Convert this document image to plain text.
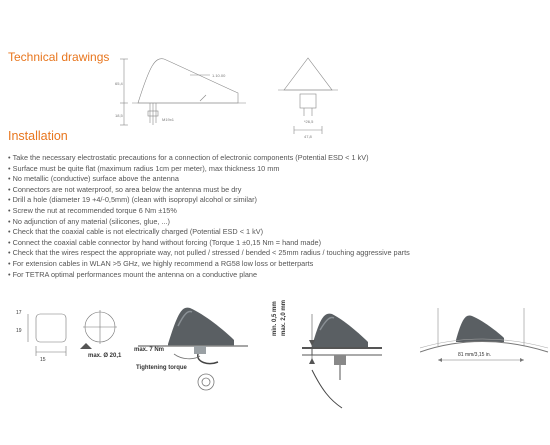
Technical drawings
65,4
18,5
M19x1
1.10.00
*26,5
47,8
Installation
• Take the necessary electrostatic precautions for a connection of electronic components (Potential ESD < 1 kV)
• Surface must be quite flat (maximum radius 1cm per meter), max thickness 10 mm
• No metallic (conductive) surface above the antenna
• Connectors are not waterproof, so area below the antenna must be dry
• Drill a hole (diameter 19 +4/-0,5mm) (clean with isopropyl alcohol or similar)
• Screw the nut at recommended torque 6 Nm ±15%
• No adjunction of any material (silicones, glue, ...)
• Check that the coaxial cable is not electrically charged (Potential ESD < 1 kV)
• Connect the coaxial cable connector by hand without forcing (Torque 1 ±0,15 Nm = hand made)
• Check that the wires respect the appropriate way, not pulled / stressed / bended < 25mm radius / touching aggressive parts
• For extension cables in WLAN >5 GHz, we highly recommend a RG58 low loss or betterparts
• For TETRA optimal performances mount the antenna on a conductive plane
17
19
15
max. Ø 20,1
max. 7 Nm
Tightening torque
min. 0,5 mm max. 2,0 mm
81 mm/3,15 in.
